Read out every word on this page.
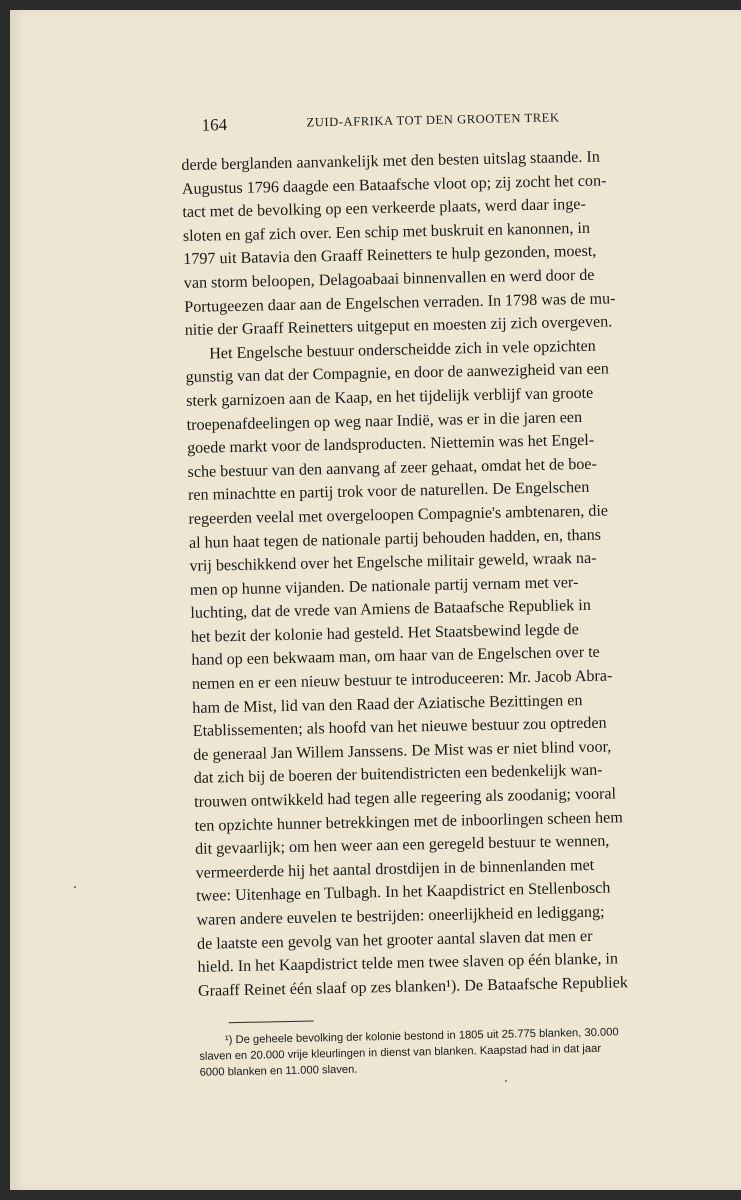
164	ZUID-AFRIKA TOT DEN GROOTEN TREK
derde berglanden aanvankelijk met den besten uitslag staande. In
Augustus 1796 daagde een Bataafsche vloot op; zij zocht het con-
tact met de bevolking op een verkeerde plaats, werd daar inge-
sloten en gaf zich over. Een schip met buskruit en kanonnen, in
1797 uit Batavia den Graaff Reinetters te hulp gezonden, moest,
van storm beloopen, Delagoabaai binnenvallen en werd door de
Portugeezen daar aan de Engelschen verraden. In 1798 was de mu-
nitie der Graaff Reinetters uitgeput en moesten zij zich overgeven.
Het Engelsche bestuur onderscheidde zich in vele opzichten
gunstig van dat der Compagnie, en door de aanwezigheid van een
sterk garnizoen aan de Kaap, en het tijdelijk verblijf van groote
troepenafdeelingen op weg naar Indië, was er in die jaren een
goede markt voor de landsproducten. Niettemin was het Engel-
sche bestuur van den aanvang af zeer gehaat, omdat het de boe-
ren minachtte en partij trok voor de naturellen. De Engelschen
regeerden veelal met overgeloopen Compagnie's ambtenaren, die
al hun haat tegen de nationale partij behouden hadden, en, thans
vrij beschikkend over het Engelsche militair geweld, wraak na-
men op hunne vijanden. De nationale partij vernam met ver-
luchting, dat de vrede van Amiens de Bataafsche Republiek in
het bezit der kolonie had gesteld. Het Staatsbewind legde de
hand op een bekwaam man, om haar van de Engelschen over te
nemen en er een nieuw bestuur te introduceeren: Mr. Jacob Abra-
ham de Mist, lid van den Raad der Aziatische Bezittingen en
Etablissementen; als hoofd van het nieuwe bestuur zou optreden
de generaal Jan Willem Janssens. De Mist was er niet blind voor,
dat zich bij de boeren der buitendistricten een bedenkelijk wan-
trouwen ontwikkeld had tegen alle regeering als zoodanig; vooral
ten opzichte hunner betrekkingen met de inboorlingen scheen hem
dit gevaarlijk; om hen weer aan een geregeld bestuur te wennen,
vermeerderde hij het aantal drostdijen in de binnenlanden met
twee: Uitenhage en Tulbagh. In het Kaapdistrict en Stellenbosch
waren andere euvelen te bestrijden: oneerlijkheid en lediggang;
de laatste een gevolg van het grooter aantal slaven dat men er
hield. In het Kaapdistrict telde men twee slaven op één blanke, in
Graaff Reinet één slaaf op zes blanken¹). De Bataafsche Republiek
¹) De geheele bevolking der kolonie bestond in 1805 uit 25.775 blanken, 30.000
slaven en 20.000 vrije kleurlingen in dienst van blanken. Kaapstad had in dat jaar
6000 blanken en 11.000 slaven.
